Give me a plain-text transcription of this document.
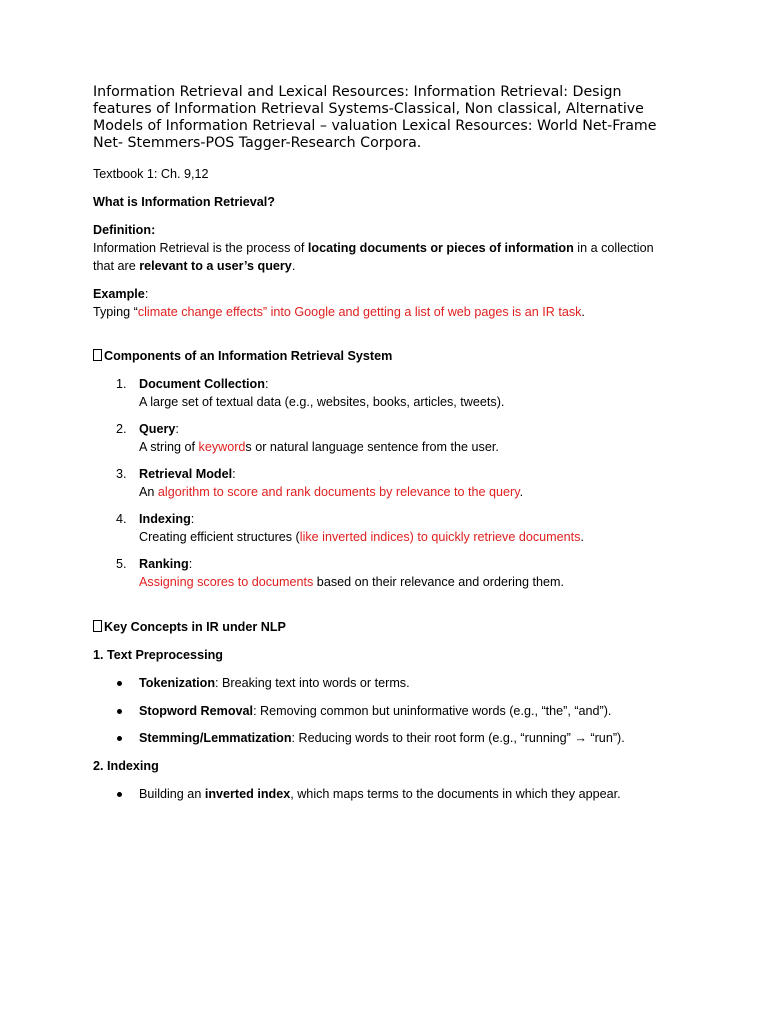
Information Retrieval and Lexical Resources: Information Retrieval: Design features of Information Retrieval Systems-Classical, Non classical, Alternative Models of Information Retrieval – valuation Lexical Resources: World Net-Frame Net- Stemmers-POS Tagger-Research Corpora.

Textbook 1: Ch. 9,12

What is Information Retrieval?

Definition:

Information Retrieval is the process of locating documents or pieces of information in a collection that are relevant to a user’s query.

Example:

Typing “climate change effects” into Google and getting a list of web pages is an IR task.

Components of an Information Retrieval System

1. Document Collection:
A large set of textual data (e.g., websites, books, articles, tweets).
2. Query:
A string of keywords or natural language sentence from the user.
3. Retrieval Model:
An algorithm to score and rank documents by relevance to the query.
4. Indexing:
Creating efficient structures (like inverted indices) to quickly retrieve documents.
5. Ranking:
Assigning scores to documents based on their relevance and ordering them.

Key Concepts in IR under NLP

1. Text Preprocessing

Tokenization: Breaking text into words or terms.
Stopword Removal: Removing common but uninformative words (e.g., “the”, “and”).
Stemming/Lemmatization: Reducing words to their root form (e.g., “running” → “run”).

2. Indexing

Building an inverted index, which maps terms to the documents in which they appear.
